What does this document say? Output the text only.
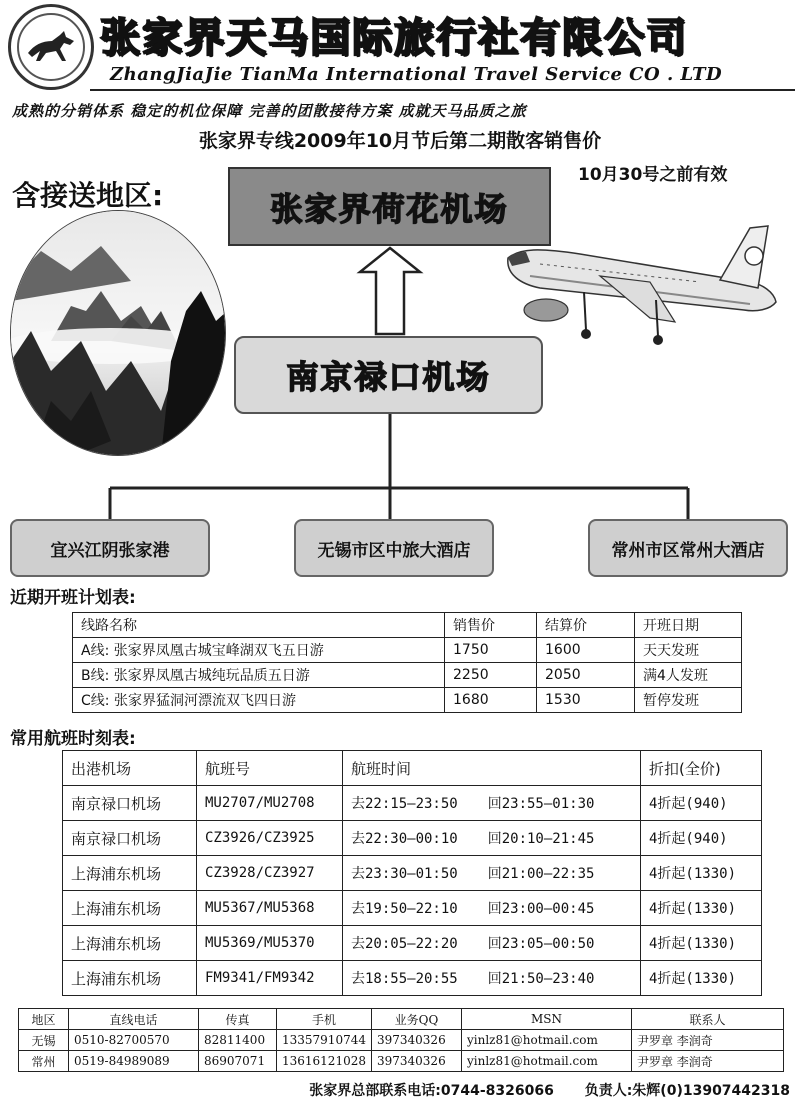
张家界天马国际旅行社有限公司
ZhangJiaJie TianMa International Travel Service CO . LTD
成熟的分销体系 稳定的机位保障 完善的团散接待方案 成就天马品质之旅
张家界专线2009年10月节后第二期散客销售价
10月30号之前有效
含接送地区:	张家界荷花机场
南京禄口机场
宜兴江阴张家港	无锡市区中旅大酒店	常州市区常州大酒店
近期开班计划表:
线路名称	销售价	结算价	开班日期
A线: 张家界凤凰古城宝峰湖双飞五日游	1750	1600	天天发班
B线: 张家界凤凰古城纯玩品质五日游	2250	2050	满4人发班
C线: 张家界猛洞河漂流双飞四日游	1680	1530	暂停发班
常用航班时刻表:
出港机场	航班号	航班时间	折扣(全价)
南京禄口机场	MU2707/MU2708	去22:15—23:50 回23:55—01:30	4折起(940)
南京禄口机场	CZ3926/CZ3925	去22:30—00:10 回20:10—21:45	4折起(940)
上海浦东机场	CZ3928/CZ3927	去23:30—01:50 回21:00—22:35	4折起(1330)
上海浦东机场	MU5367/MU5368	去19:50—22:10 回23:00—00:45	4折起(1330)
上海浦东机场	MU5369/MU5370	去20:05—22:20 回23:05—00:50	4折起(1330)
上海浦东机场	FM9341/FM9342	去18:55—20:55 回21:50—23:40	4折起(1330)
地区	直线电话	传真	手机	业务QQ	MSN	联系人
无锡	0510-82700570	82811400	13357910744	397340326	yinlz81@hotmail.com	尹罗章 李润奇
常州	0519-84989089	86907071	13616121028	397340326	yinlz81@hotmail.com	尹罗章 李润奇
张家界总部联系电话:0744-8326066 负责人:朱辉(0)13907442318
